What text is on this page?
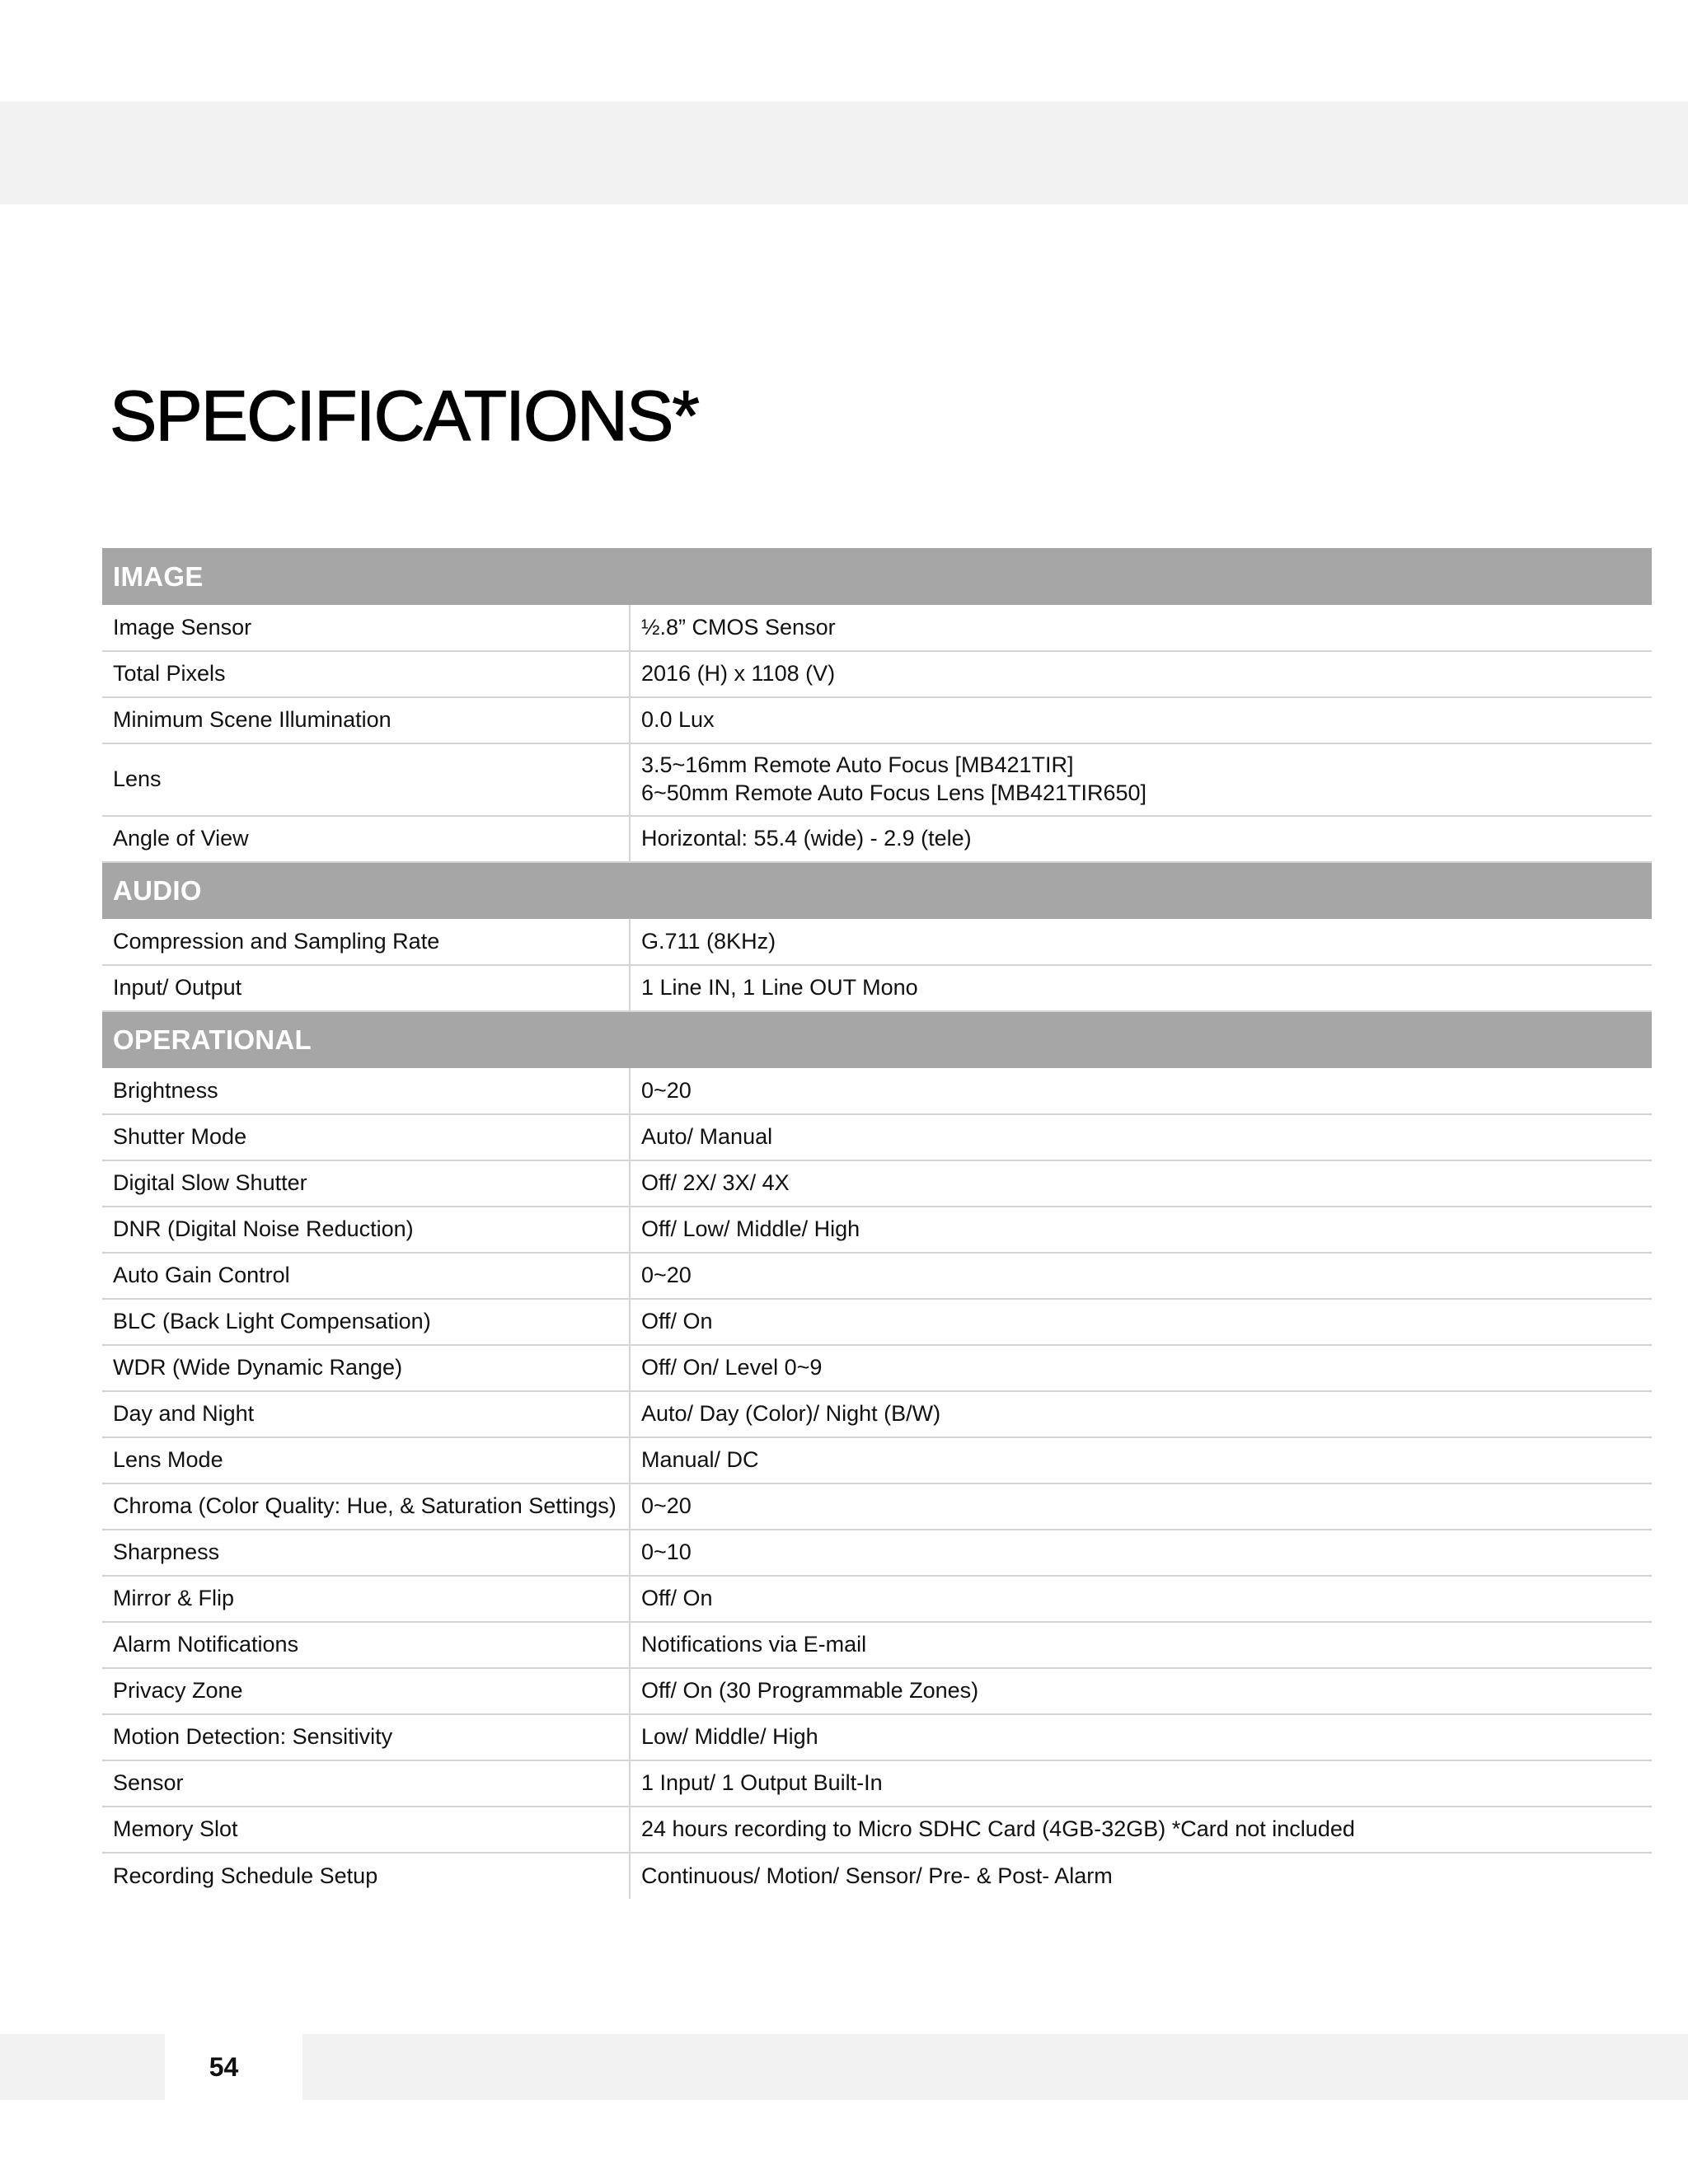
SPECIFICATIONS*
IMAGE	
Image Sensor	½.8” CMOS Sensor

Total Pixels	2016 (H) x 1108 (V)

Minimum Scene Illumination	0.0 Lux

Lens	3.5~16mm Remote Auto Focus [MB421TIR]
6~50mm Remote Auto Focus Lens [MB421TIR650]

Angle of View	Horizontal: 55.4 (wide) - 2.9 (tele)

AUDIO	
Compression and Sampling Rate	G.711 (8KHz)

Input/ Output	1 Line IN, 1 Line OUT Mono

OPERATIONAL	
Brightness	0~20

Shutter Mode	Auto/ Manual

Digital Slow Shutter	Off/ 2X/ 3X/ 4X

DNR (Digital Noise Reduction)	Off/ Low/ Middle/ High

Auto Gain Control	0~20

BLC (Back Light Compensation)	Off/ On

WDR (Wide Dynamic Range)	Off/ On/ Level 0~9

Day and Night	Auto/ Day (Color)/ Night (B/W)

Lens Mode	Manual/ DC

Chroma (Color Quality: Hue, & Saturation Settings)	0~20

Sharpness	0~10

Mirror & Flip	Off/ On

Alarm Notifications	Notifications via E-mail

Privacy Zone	Off/ On (30 Programmable Zones)

Motion Detection: Sensitivity	Low/ Middle/ High

Sensor	1 Input/ 1 Output Built-In

Memory Slot	24 hours recording to Micro SDHC Card (4GB-32GB) *Card not included

Recording Schedule Setup	Continuous/ Motion/ Sensor/ Pre- & Post- Alarm
54
